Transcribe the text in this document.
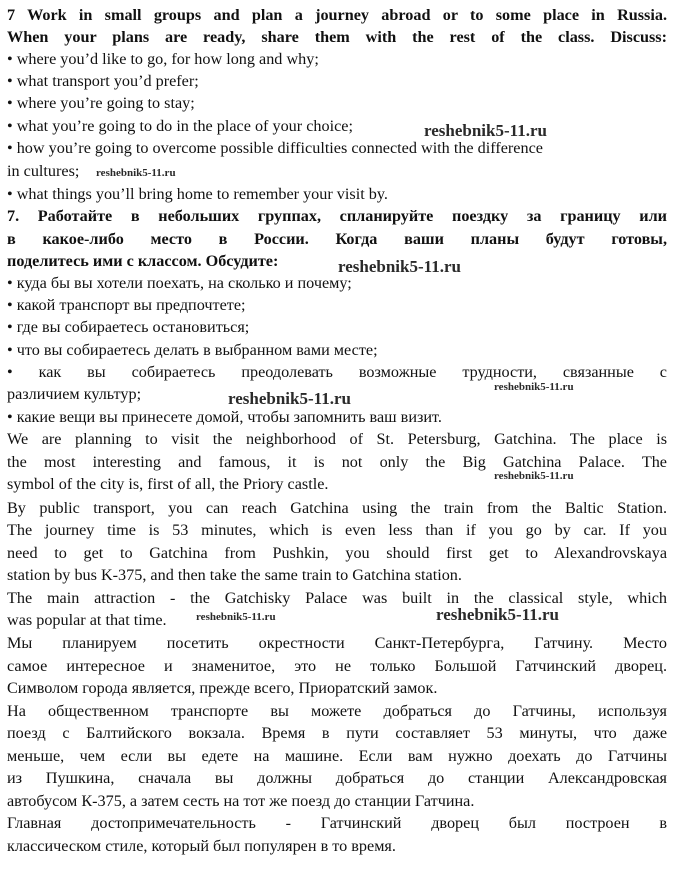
7 Work in small groups and plan a journey abroad or to some place in Russia.
When your plans are ready, share them with the rest of the class. Discuss:
• where you’d like to go, for how long and why;
• what transport you’d prefer;
• where you’re going to stay;
• what you’re going to do in the place of your choice;
• how you’re going to overcome possible difficulties connected with the difference
in cultures;
• what things you’ll bring home to remember your visit by.
7. Работайте в небольших группах, спланируйте поездку за границу или
в какое-либо место в России. Когда ваши планы будут готовы,
поделитесь ими с классом. Обсудите:
• куда бы вы хотели поехать, на сколько и почему;
• какой транспорт вы предпочтете;
• где вы собираетесь остановиться;
• что вы собираетесь делать в выбранном вами месте;
• как вы собираетесь преодолевать возможные трудности, связанные с
различием культур;
• какие вещи вы принесете домой, чтобы запомнить ваш визит.
We are planning to visit the neighborhood of St. Petersburg, Gatchina. The place is
the most interesting and famous, it is not only the Big Gatchina Palace. The
symbol of the city is, first of all, the Priory castle.
By public transport, you can reach Gatchina using the train from the Baltic Station.
The journey time is 53 minutes, which is even less than if you go by car. If you
need to get to Gatchina from Pushkin, you should first get to Alexandrovskaya
station by bus K-375, and then take the same train to Gatchina station.
The main attraction - the Gatchisky Palace was built in the classical style, which
was popular at that time.
Мы планируем посетить окрестности Санкт-Петербурга, Гатчину. Место
самое интересное и знаменитое, это не только Большой Гатчинский дворец.
Символом города является, прежде всего, Приоратский замок.
На общественном транспорте вы можете добраться до Гатчины, используя
поезд с Балтийского вокзала. Время в пути составляет 53 минуты, что даже
меньше, чем если вы едете на машине. Если вам нужно доехать до Гатчины
из Пушкина, сначала вы должны добраться до станции Александровская
автобусом К-375, а затем сесть на тот же поезд до станции Гатчина.
Главная достопримечательность - Гатчинский дворец был построен в
классическом стиле, который был популярен в то время.
reshebnik5-11.ru
reshebnik5-11.ru
reshebnik5-11.ru
reshebnik5-11.ru
reshebnik5-11.ru
reshebnik5-11.ru
reshebnik5-11.ru	reshebnik5-11.ru
